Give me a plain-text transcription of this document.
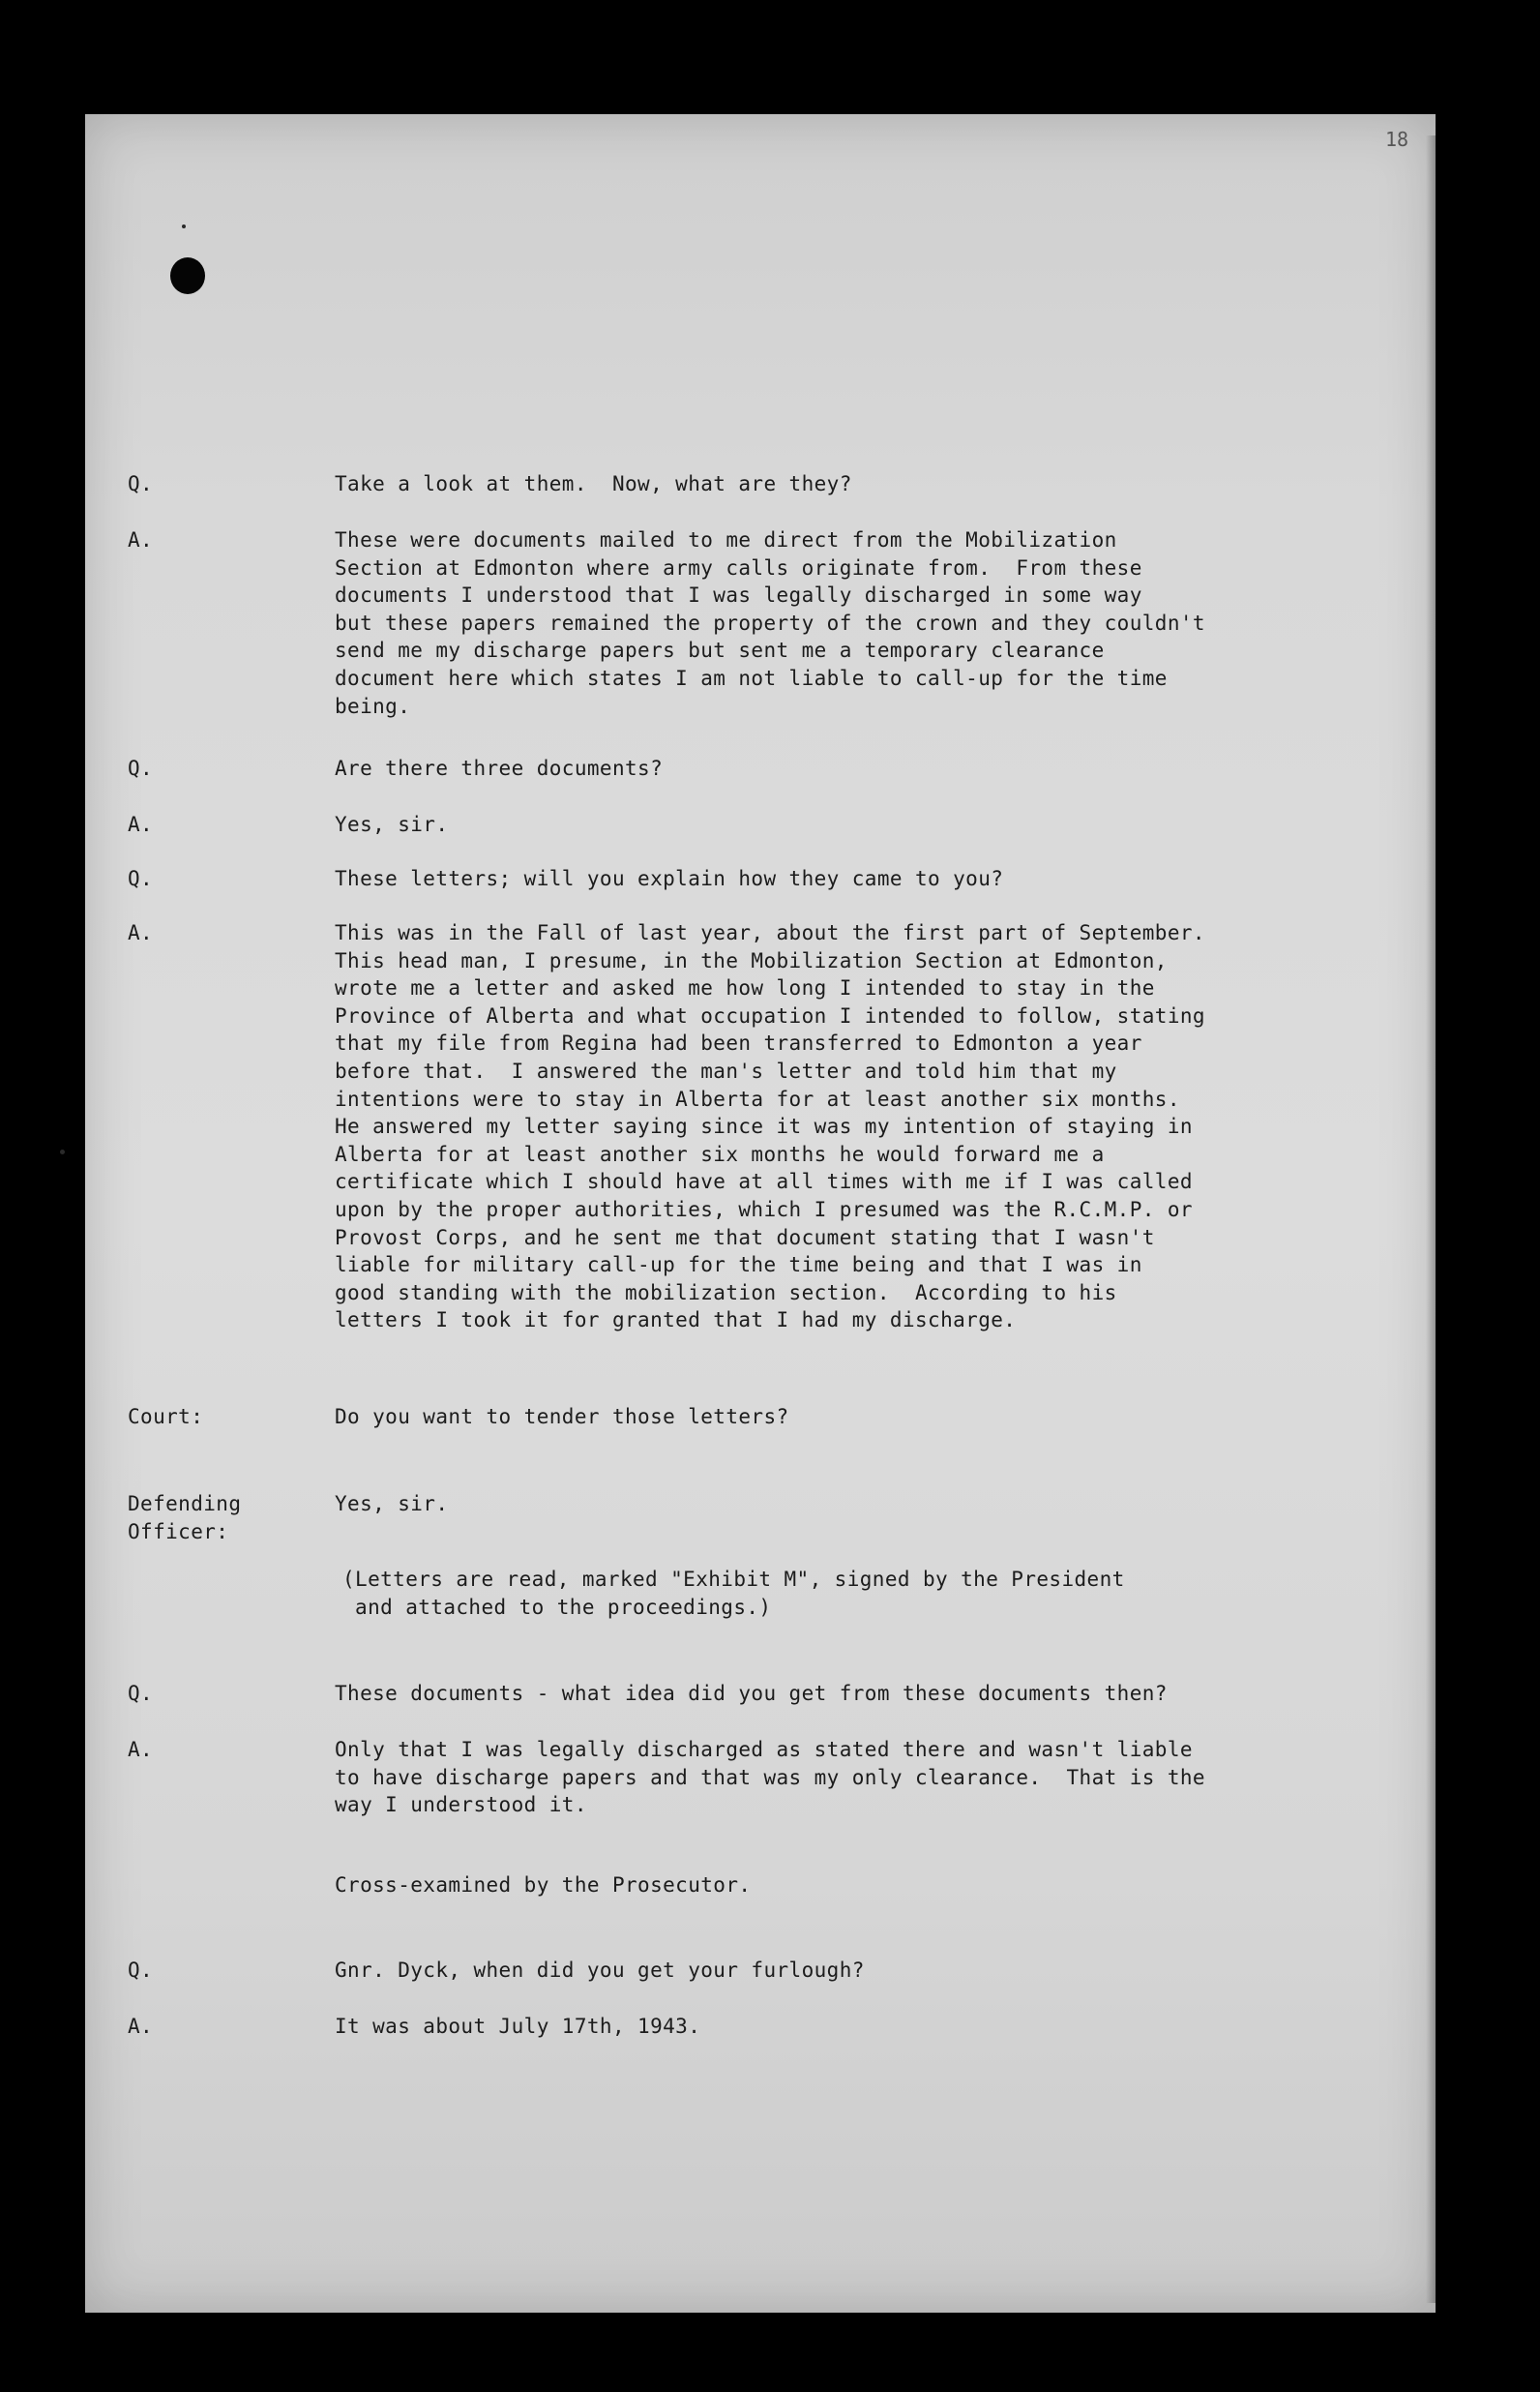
18
Q.	Take a look at them.  Now, what are they?
A.	These were documents mailed to me direct from the Mobilization
Section at Edmonton where army calls originate from.  From these
documents I understood that I was legally discharged in some way
but these papers remained the property of the crown and they couldn't
send me my discharge papers but sent me a temporary clearance
document here which states I am not liable to call-up for the time
being.
Q.	Are there three documents?
A.	Yes, sir.
Q.	These letters; will you explain how they came to you?
A.	This was in the Fall of last year, about the first part of September.
This head man, I presume, in the Mobilization Section at Edmonton,
wrote me a letter and asked me how long I intended to stay in the
Province of Alberta and what occupation I intended to follow, stating
that my file from Regina had been transferred to Edmonton a year
before that.  I answered the man's letter and told him that my
intentions were to stay in Alberta for at least another six months.
He answered my letter saying since it was my intention of staying in
Alberta for at least another six months he would forward me a
certificate which I should have at all times with me if I was called
upon by the proper authorities, which I presumed was the R.C.M.P. or
Provost Corps, and he sent me that document stating that I wasn't
liable for military call-up for the time being and that I was in
good standing with the mobilization section.  According to his
letters I took it for granted that I had my discharge.
Court:	Do you want to tender those letters?
Defending
Officer:
Yes, sir.
(Letters are read, marked "Exhibit M", signed by the President
and attached to the proceedings.)
Q.	These documents - what idea did you get from these documents then?
A.	Only that I was legally discharged as stated there and wasn't liable
to have discharge papers and that was my only clearance.  That is the
way I understood it.
Cross-examined by the Prosecutor.
Q.	Gnr. Dyck, when did you get your furlough?
A.	It was about July 17th, 1943.
